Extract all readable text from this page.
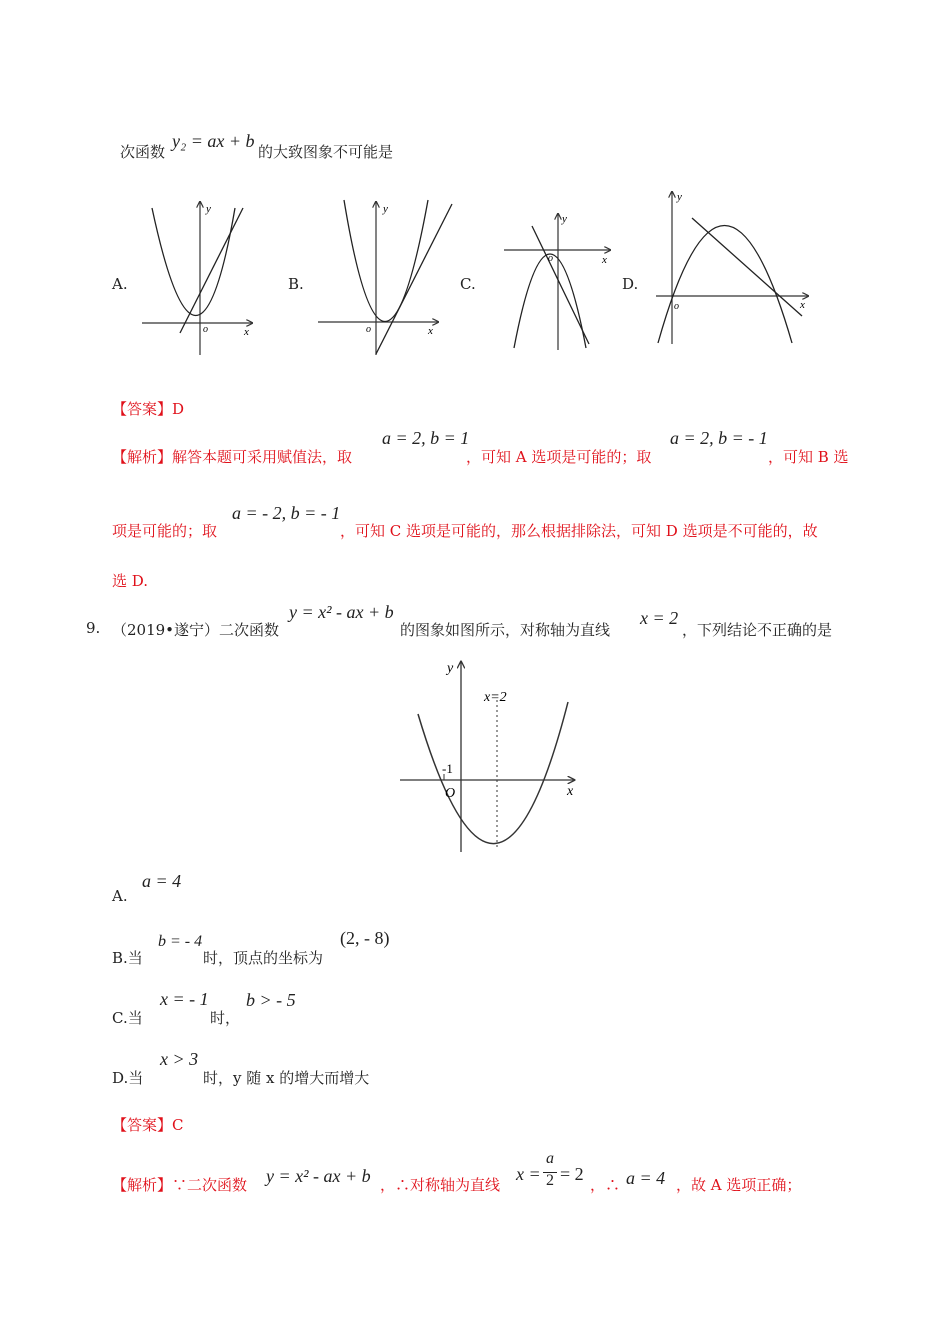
次函数
y₂ = ax + b
的大致图象不可能是
A.	B.	C.	D.
y
x
o
y
x
o
y
x
o
y
x
o
【答案】D
【解析】解答本题可采用赋值法，取
a = 2, b = 1
，可知 A 选项是可能的；取
a = 2, b = - 1
，可知 B 选
项是可能的；取
a = - 2, b = - 1
，可知 C 选项是可能的，那么根据排除法，可知 D 选项是不可能的，故
选 D.
9. （2019•遂宁）二次函数
y = x² - ax + b
的图象如图所示，对称轴为直线
x = 2
，下列结论不正确的是
y
x
x=2
-1
O
A.
a = 4
B.当
b = - 4
时，顶点的坐标为
(2, - 8)
C.当
x = - 1
时，
b > - 5
D.当
x > 3
时，y 随 x 的增大而增大
【答案】C
【解析】∵二次函数 y = x² - ax + b ，∴对称轴为直线
x =
a
2 = 2
，∴ a = 4 ，故 A 选项正确；
